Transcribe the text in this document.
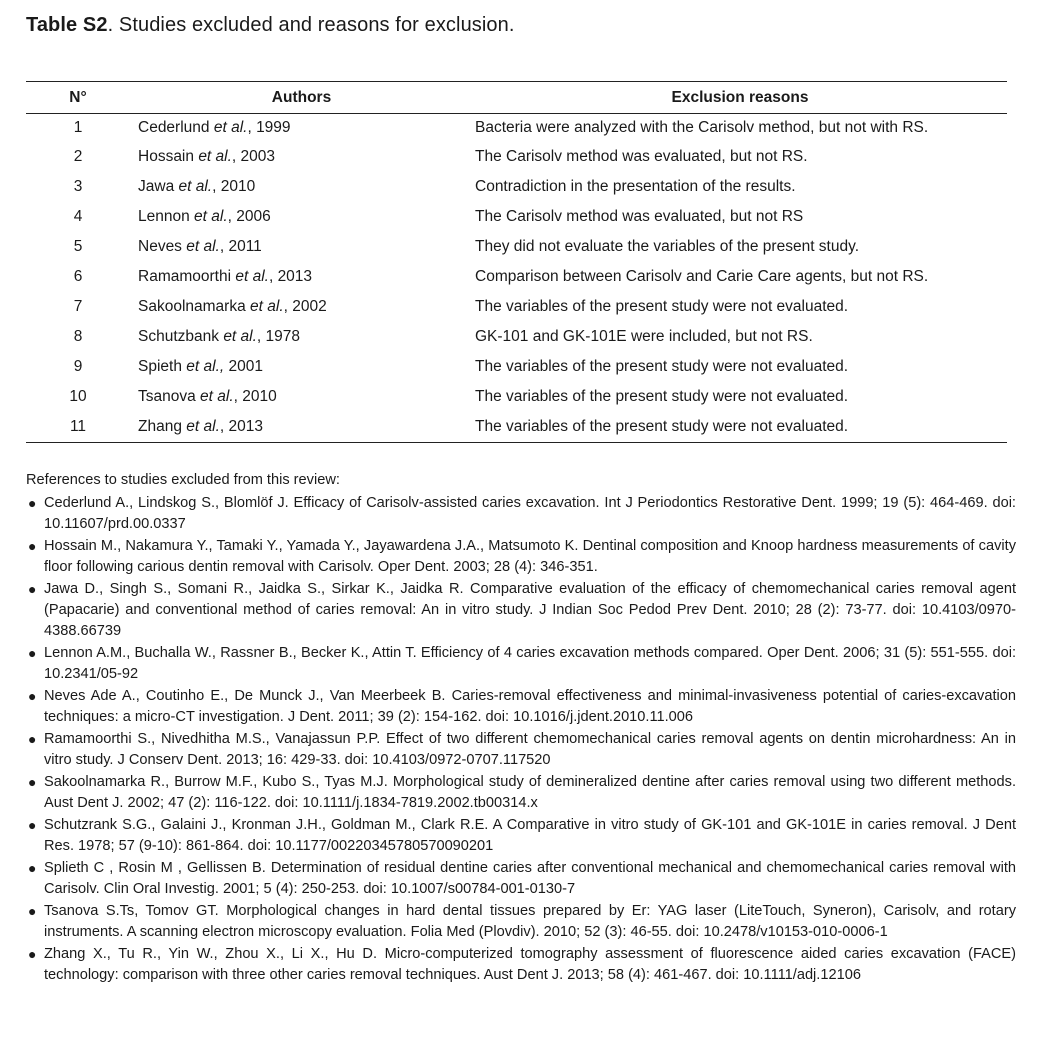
Table S2. Studies excluded and reasons for exclusion.
N°	Authors	Exclusion reasons
1	Cederlund et al., 1999	Bacteria were analyzed with the Carisolv method, but not with RS.
2	Hossain et al., 2003	The Carisolv method was evaluated, but not RS.
3	Jawa et al., 2010	Contradiction in the presentation of the results.
4	Lennon et al., 2006	The Carisolv method was evaluated, but not RS
5	Neves et al., 2011	They did not evaluate the variables of the present study.
6	Ramamoorthi et al., 2013	Comparison between Carisolv and Carie Care agents, but not RS.
7	Sakoolnamarka et al., 2002	The variables of the present study were not evaluated.
8	Schutzbank et al., 1978	GK-101 and GK-101E were included, but not RS.
9	Spieth et al., 2001	The variables of the present study were not evaluated.
10	Tsanova et al., 2010	The variables of the present study were not evaluated.
11	Zhang et al., 2013	The variables of the present study were not evaluated.

References to studies excluded from this review:

● Cederlund A., Lindskog S., Blomlöf J. Efficacy of Carisolv-assisted caries excavation. Int J Periodontics Restorative Dent. 1999; 19 (5): 464-469. doi: 10.11607/prd.00.0337
● Hossain M., Nakamura Y., Tamaki Y., Yamada Y., Jayawardena J.A., Matsumoto K. Dentinal composition and Knoop hardness measurements of cavity floor following carious dentin removal with Carisolv. Oper Dent. 2003; 28 (4): 346-351.
● Jawa D., Singh S., Somani R., Jaidka S., Sirkar K., Jaidka R. Comparative evaluation of the efficacy of chemomechanical caries removal agent (Papacarie) and conventional method of caries removal: An in vitro study. J Indian Soc Pedod Prev Dent. 2010; 28 (2): 73-77. doi: 10.4103/0970-4388.66739
● Lennon A.M., Buchalla W., Rassner B., Becker K., Attin T. Efficiency of 4 caries excavation methods compared. Oper Dent. 2006; 31 (5): 551-555. doi: 10.2341/05-92
● Neves Ade A., Coutinho E., De Munck J., Van Meerbeek B. Caries-removal effectiveness and minimal-invasiveness potential of caries-excavation techniques: a micro-CT investigation. J Dent. 2011; 39 (2): 154-162. doi: 10.1016/j.jdent.2010.11.006
● Ramamoorthi S., Nivedhitha M.S., Vanajassun P.P. Effect of two different chemomechanical caries removal agents on dentin microhardness: An in vitro study. J Conserv Dent. 2013; 16: 429-33. doi: 10.4103/0972-0707.117520
● Sakoolnamarka R., Burrow M.F., Kubo S., Tyas M.J. Morphological study of demineralized dentine after caries removal using two different methods. Aust Dent J. 2002; 47 (2): 116-122. doi: 10.1111/j.1834-7819.2002.tb00314.x
● Schutzrank S.G., Galaini J., Kronman J.H., Goldman M., Clark R.E. A Comparative in vitro study of GK-101 and GK-101E in caries removal. J Dent Res. 1978; 57 (9-10): 861-864. doi: 10.1177/00220345780570090201
● Splieth C , Rosin M , Gellissen B. Determination of residual dentine caries after conventional mechanical and chemomechanical caries removal with Carisolv. Clin Oral Investig. 2001; 5 (4): 250-253. doi: 10.1007/s00784-001-0130-7
● Tsanova S.Ts, Tomov GT. Morphological changes in hard dental tissues prepared by Er: YAG laser (LiteTouch, Syneron), Carisolv, and rotary instruments. A scanning electron microscopy evaluation. Folia Med (Plovdiv). 2010; 52 (3): 46-55. doi: 10.2478/v10153-010-0006-1
● Zhang X., Tu R., Yin W., Zhou X., Li X., Hu D. Micro-computerized tomography assessment of fluorescence aided caries excavation (FACE) technology: comparison with three other caries removal techniques. Aust Dent J. 2013; 58 (4): 461-467. doi: 10.1111/adj.12106
